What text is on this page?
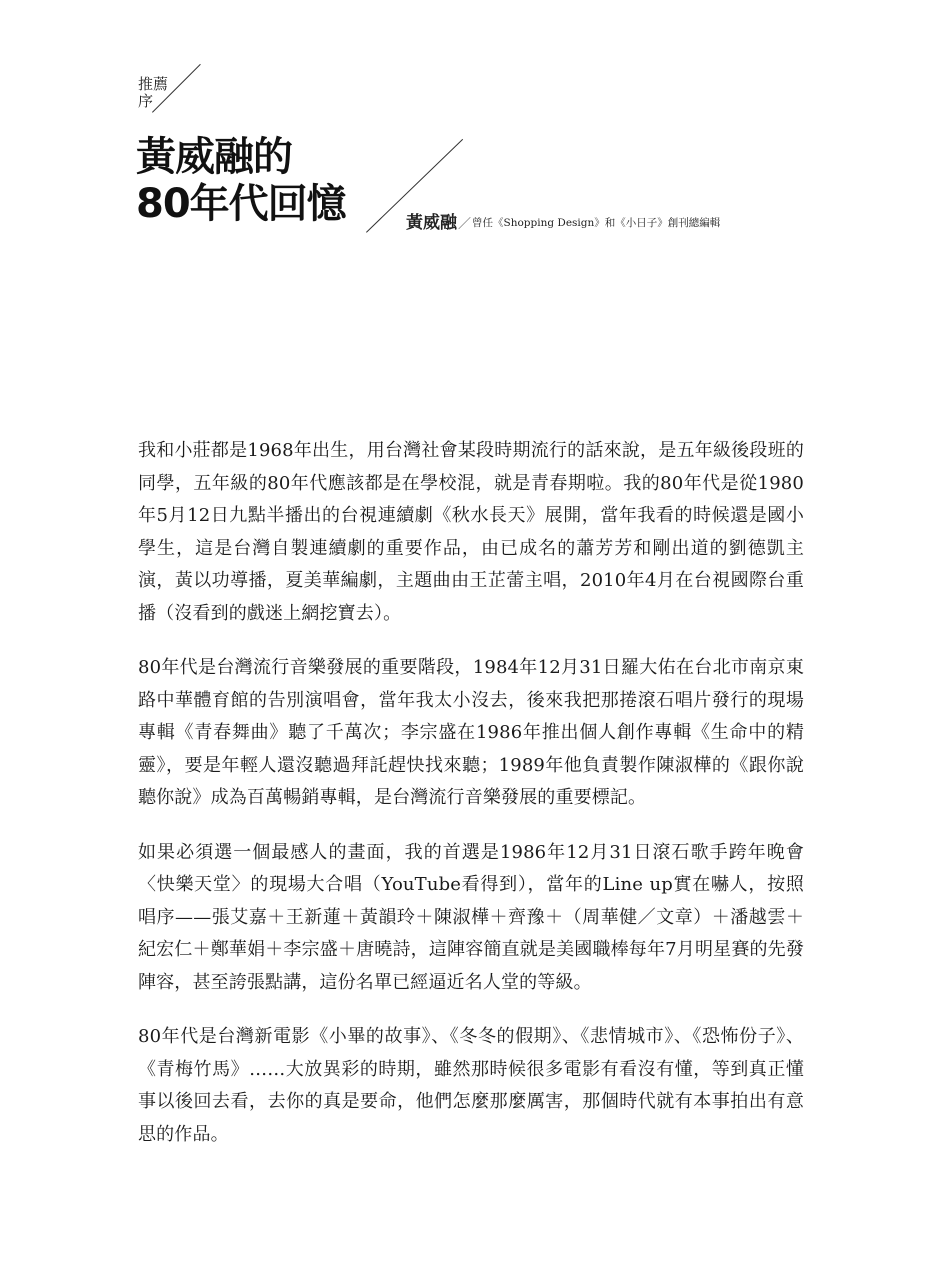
推薦
序
黃威融的
80年代回憶	黃威融／曾任《Shopping Design》和《小日子》創刊總編輯

我和小莊都是1968年出生，用台灣社會某段時期流行的話來說，是五年級後段班的同學，五年級的80年代應該都是在學校混，就是青春期啦。我的80年代是從1980年5月12日九點半播出的台視連續劇《秋水長天》展開，當年我看的時候還是國小學生，這是台灣自製連續劇的重要作品，由已成名的蕭芳芳和剛出道的劉德凱主演，黃以功導播，夏美華編劇，主題曲由王芷蕾主唱，2010年4月在台視國際台重播（沒看到的戲迷上網挖寶去）。

80年代是台灣流行音樂發展的重要階段，1984年12月31日羅大佑在台北市南京東路中華體育館的告別演唱會，當年我太小沒去，後來我把那捲滾石唱片發行的現場專輯《青春舞曲》聽了千萬次；李宗盛在1986年推出個人創作專輯《生命中的精靈》，要是年輕人還沒聽過拜託趕快找來聽；1989年他負責製作陳淑樺的《跟你說聽你說》成為百萬暢銷專輯，是台灣流行音樂發展的重要標記。

如果必須選一個最感人的畫面，我的首選是1986年12月31日滾石歌手跨年晚會〈快樂天堂〉的現場大合唱（YouTube看得到），當年的Line up實在嚇人，按照唱序——張艾嘉＋王新蓮＋黃韻玲＋陳淑樺＋齊豫＋（周華健／文章）＋潘越雲＋紀宏仁＋鄭華娟＋李宗盛＋唐曉詩，這陣容簡直就是美國職棒每年7月明星賽的先發陣容，甚至誇張點講，這份名單已經逼近名人堂的等級。

80年代是台灣新電影《小畢的故事》、《冬冬的假期》、《悲情城市》、《恐怖份子》、《青梅竹馬》……大放異彩的時期，雖然那時候很多電影有看沒有懂，等到真正懂事以後回去看，去你的真是要命，他們怎麼那麼厲害，那個時代就有本事拍出有意思的作品。
